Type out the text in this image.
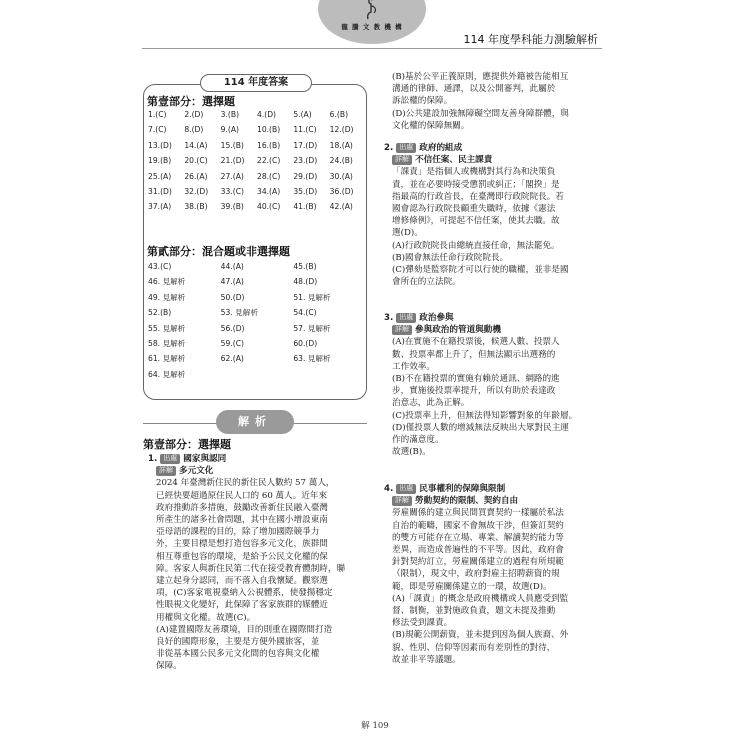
龍 騰 文 教 機 構
114 年度學科能力測驗解析
114 年度答案
第壹部分：選擇題
1.(C)	2.(D)	3.(B)	4.(D)	5.(A)	6.(B)
7.(C)	8.(D)	9.(A)	10.(B)	11.(C)	12.(D)
13.(D)	14.(A)	15.(B)	16.(B)	17.(D)	18.(A)
19.(B)	20.(C)	21.(D)	22.(C)	23.(D)	24.(B)
25.(A)	26.(A)	27.(A)	28.(C)	29.(D)	30.(A)
31.(D)	32.(D)	33.(C)	34.(A)	35.(D)	36.(D)
37.(A)	38.(B)	39.(B)	40.(C)	41.(B)	42.(A)
第貳部分：混合題或非選擇題
43.(C)	44.(A)	45.(B)
46. 見解析	47.(A)	48.(D)
49. 見解析	50.(D)	51. 見解析
52.(B)	53. 見解析	54.(C)
55. 見解析	56.(D)	57. 見解析
58. 見解析	59.(C)	60.(D)
61. 見解析	62.(A)	63. 見解析
64. 見解析
解析
第壹部分：選擇題
1. 出處 國家與認同
詳解 多元文化

2024 年臺灣新住民的新住民人數約 57 萬人，

已經快要超過原住民人口的 60 萬人。近年來

政府推動許多措施，鼓勵改善新住民融入臺灣

所產生的諸多社會問題，其中在國小增設東南

亞母語的課程的目的，除了增加國際競爭力

外，主要目標是想打造包容多元文化，族群間

相互尊重包容的環境，是給予公民文化權的保

障。客家人與新住民第二代在接受教育體制時，聯

建立起身分認同，而不落入自我懷疑。觀察選

項，(C)客家電視臺納入公視體系，使發揚穩定

性眼視文化變好，此保障了客家族群的媒體近

用權與文化權。故選(C)。

(A)建置國際友善環境，目的則重在國際間打造

良好的國際形象，主要是方便外國旅客，並

非從基本國公民多元文化間的包容與文化權

保障。

(B)基於公平正義原則，應提供外籍被告能相互

溝通的律師、通譯，以及公開審判，此屬於

訴訟權的保障。

(D)公共建設加強無障礙空間友善身障群體，與

文化權的保障無關。

2. 出處 政府的組成
詳解 不信任案、民主課責

「課責」是指個人或機構對其行為和決策負

責，並在必要時接受懲罰或糾正；「閣揆」是

指最高的行政首長，在臺灣即行政院院長。若

國會認為行政院長顧重失職時，依據《憲法

增修條例》，可提起不信任案，使其去職。故

選(D)。

(A)行政院院長由總統直接任命，無法罷免。

(B)國會無法任命行政院院長。

(C)彈劾是監察院才可以行使的職權，並非是國

會所在的立法院。

3. 出處 政治參與
詳解 參與政治的管道與動機

(A)在實施不在籍投票後，候選人數、投票人

數、投票率都上升了，但無法顯示出選務的

工作效率。

(B)不在籍投票的實施有賴於通訊、網路的進

步，實施後投票率提升，所以有助於表達政

治意志，此為正解。

(C)投票率上升，但無法得知影響對象的年齡層。

(D)僅投票人數的增減無法反映出大眾對民主運

作的滿意度。

故選(B)。

4. 出處 民事權利的保障與限制
詳解 勞動契約的限制、契約自由

勞雇關係的建立與民間買賣契約一樣屬於私法

自治的範疇，國家不會無故干涉，但簽訂契約

的雙方可能存在立場、專業、解讀契約能力等

差異，而造成普遍性的不平等。因此，政府會

針對契約訂立，勞雇關係建立的過程有所規範

（限制），現文中，政府對雇主招聘薪資的規

範，即是勞雇關係建立的一環，故選(D)。

(A)「課責」的概念是政府機構或人員應受到監

督、制衡，並對施政負責，題文未提及推動

修法受到課責。

(B)規範公開薪資，並未提到因為個人族裔、外

貌、性別、信仰等因素而有差別性的對待，

故並非平等議題。

解 109
